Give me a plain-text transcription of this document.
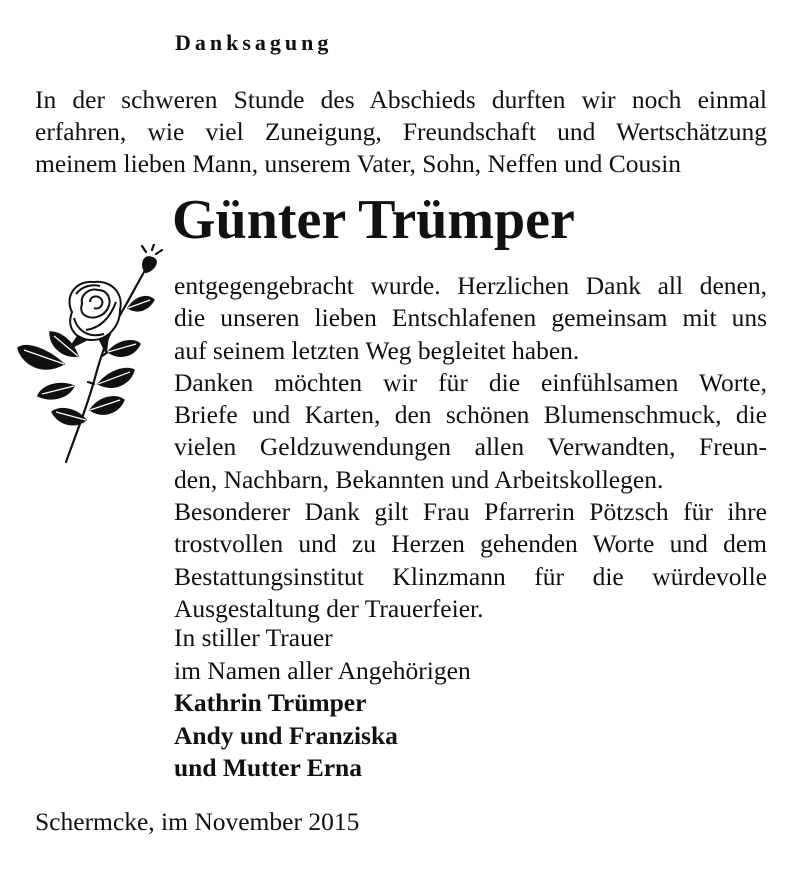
Danksagung
In der schweren Stunde des Abschieds durften wir noch einmal
erfahren, wie viel Zuneigung, Freundschaft und Wertschätzung
meinem lieben Mann, unserem Vater, Sohn, Neffen und Cousin
Günter Trümper
entgegengebracht wurde. Herzlichen Dank all denen,
die unseren lieben Entschlafenen gemeinsam mit uns
auf seinem letzten Weg begleitet haben.
Danken möchten wir für die einfühlsamen Worte,
Briefe und Karten, den schönen Blumenschmuck, die
vielen Geldzuwendungen allen Verwandten, Freun-
den, Nachbarn, Bekannten und Arbeitskollegen.
Besonderer Dank gilt Frau Pfarrerin Pötzsch für ihre
trostvollen und zu Herzen gehenden Worte und dem
Bestattungsinstitut Klinzmann für die würdevolle
Ausgestaltung der Trauerfeier.
In stiller Trauer
im Namen aller Angehörigen
Kathrin Trümper
Andy und Franziska
und Mutter Erna
Schermcke, im November 2015
